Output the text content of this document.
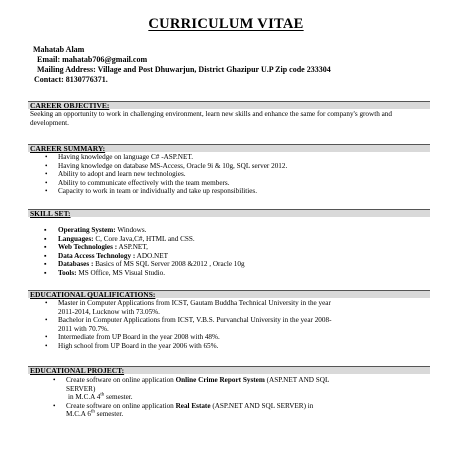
CURRICULUM VITAE
Mahatab Alam
Email: mahatab706@gmail.com
Mailing Address: Village and Post Dhuwarjun, District Ghazipur U.P Zip code 233304
Contact: 8130776371.
CAREER OBJECTIVE:
Seeking an opportunity to work in challenging environment, learn new skills and enhance the same for company's growth and development.
CAREER SUMMARY:
• Having knowledge on language C# -ASP.NET.
• Having knowledge on database MS-Access, Oracle 9i & 10g, SQL server 2012.
• Ability to adopt and learn new technologies.
• Ability to communicate effectively with the team members.
• Capacity to work in team or individually and take up responsibilities.
SKILL SET:
▪ Operating System: Windows.
▪ Languages: C, Core Java,C#, HTML and CSS.
▪ Web Technologies : ASP.NET,
▪ Data Access Technology : ADO.NET
▪ Databases : Basics of MS SQL Server 2008 &2012 , Oracle 10g
▪ Tools: MS Office, MS Visual Studio.
EDUCATIONAL QUALIFICATIONS:
• Master in Computer Applications from ICST, Gautam Buddha Technical University in the year
2011-2014, Lucknow with 73.05%.
• Bachelor in Computer Applications from ICST, V.B.S. Purvanchal University in the year 2008-
2011 with 70.7%.
• Intermediate from UP Board in the year 2008 with 48%.
• High school from UP Board in the year 2006 with 65%.
EDUCATIONAL PROJECT:
• Create software on online application Online Crime Report System (ASP.NET AND SQL
SERVER)
in M.C.A 4th semester.
• Create software on online application Real Estate (ASP.NET AND SQL SERVER) in
M.C.A 6th semester.
